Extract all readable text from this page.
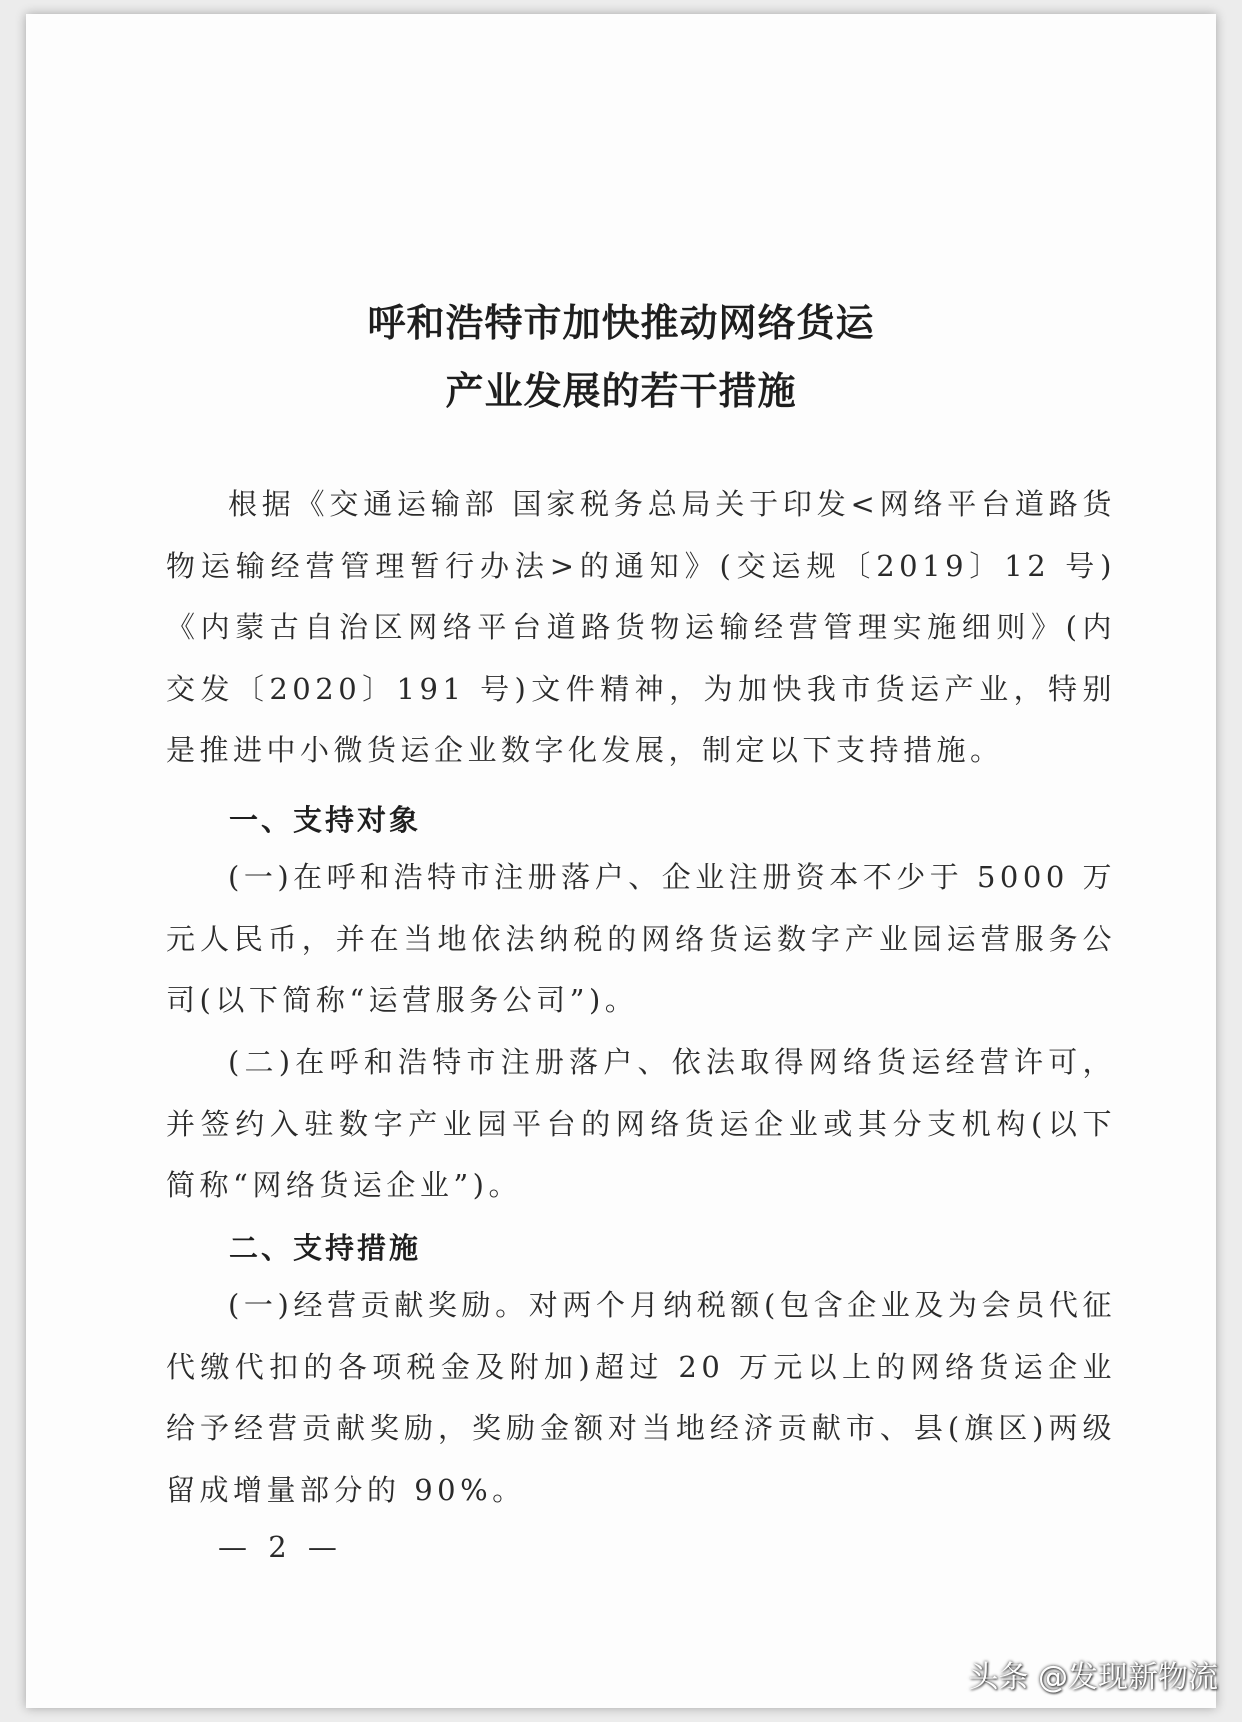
呼和浩特市加快推动网络货运
产业发展的若干措施
根据《交通运输部 国家税务总局关于印发<网络平台道路货物运输经营管理暂行办法>的通知》(交运规〔2019〕12 号)《内蒙古自治区网络平台道路货物运输经营管理实施细则》(内交发〔2020〕191 号)文件精神，为加快我市货运产业，特别是推进中小微货运企业数字化发展，制定以下支持措施。
一、支持对象
(一)在呼和浩特市注册落户、企业注册资本不少于 5000 万元人民币，并在当地依法纳税的网络货运数字产业园运营服务公司(以下简称“运营服务公司”)。
(二)在呼和浩特市注册落户、依法取得网络货运经营许可，并签约入驻数字产业园平台的网络货运企业或其分支机构(以下简称“网络货运企业”)。
二、支持措施
(一)经营贡献奖励。对两个月纳税额(包含企业及为会员代征代缴代扣的各项税金及附加)超过 20 万元以上的网络货运企业给予经营贡献奖励，奖励金额对当地经济贡献市、县(旗区)两级留成增量部分的 90%。
— 2 —
头条 @发现新物流
